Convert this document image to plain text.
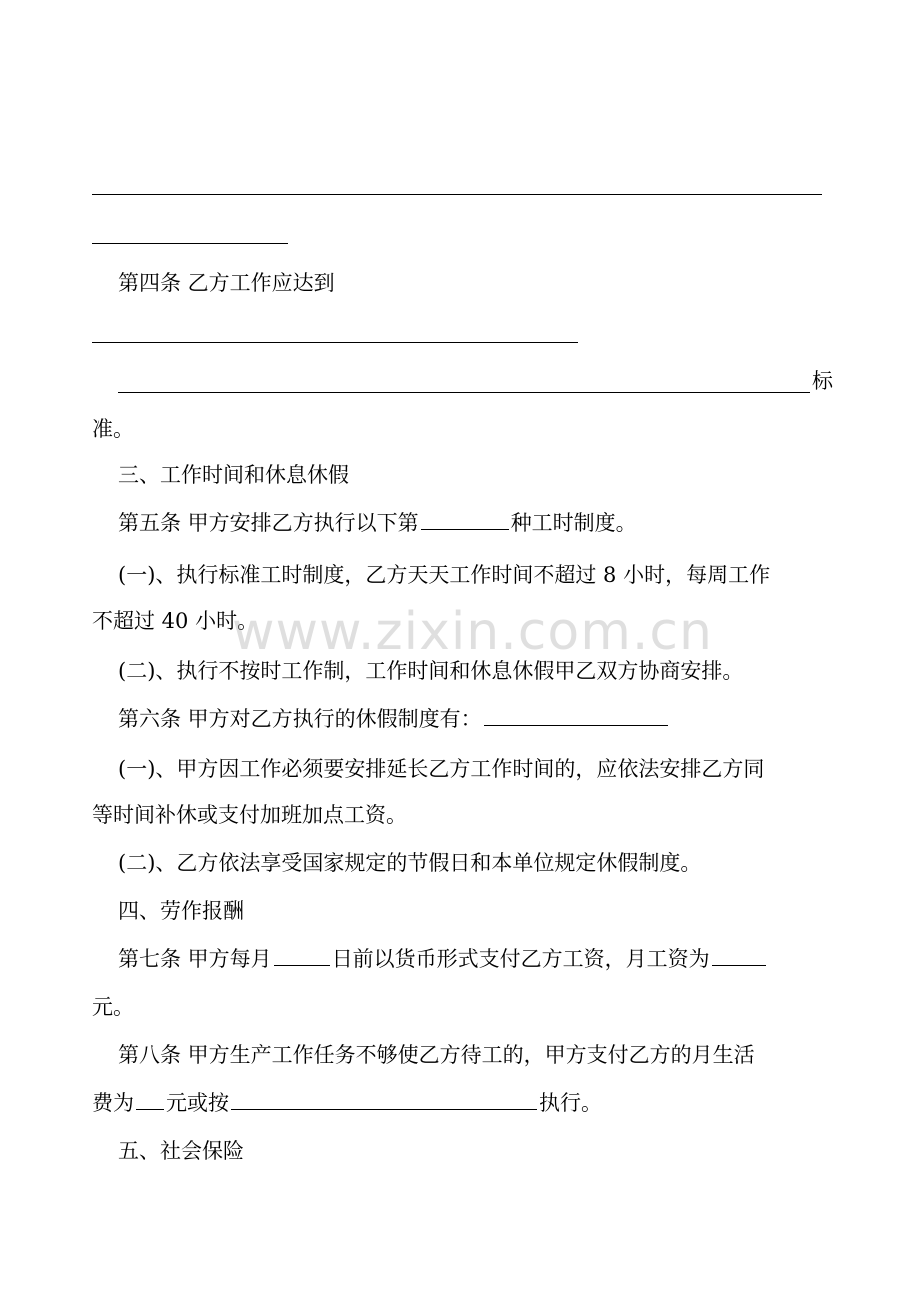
第四条 乙方工作应达到
标
准。
三、工作时间和休息休假
第五条 甲方安排乙方执行以下第	种工时制度。
(一)、执行标准工时制度，乙方天天工作时间不超过 8 小时，每周工作
不超过 40 小时。
(二)、执行不按时工作制，工作时间和休息休假甲乙双方协商安排。
第六条 甲方对乙方执行的休假制度有：
(一)、甲方因工作必须要安排延长乙方工作时间的，应依法安排乙方同
等时间补休或支付加班加点工资。
(二)、乙方依法享受国家规定的节假日和本单位规定休假制度。
四、劳作报酬
第七条 甲方每月	日前以货币形式支付乙方工资，月工资为
元。
第八条 甲方生产工作任务不够使乙方待工的，甲方支付乙方的月生活
费为 元或按	执行。
五、社会保险
www.zixin.com.cn
